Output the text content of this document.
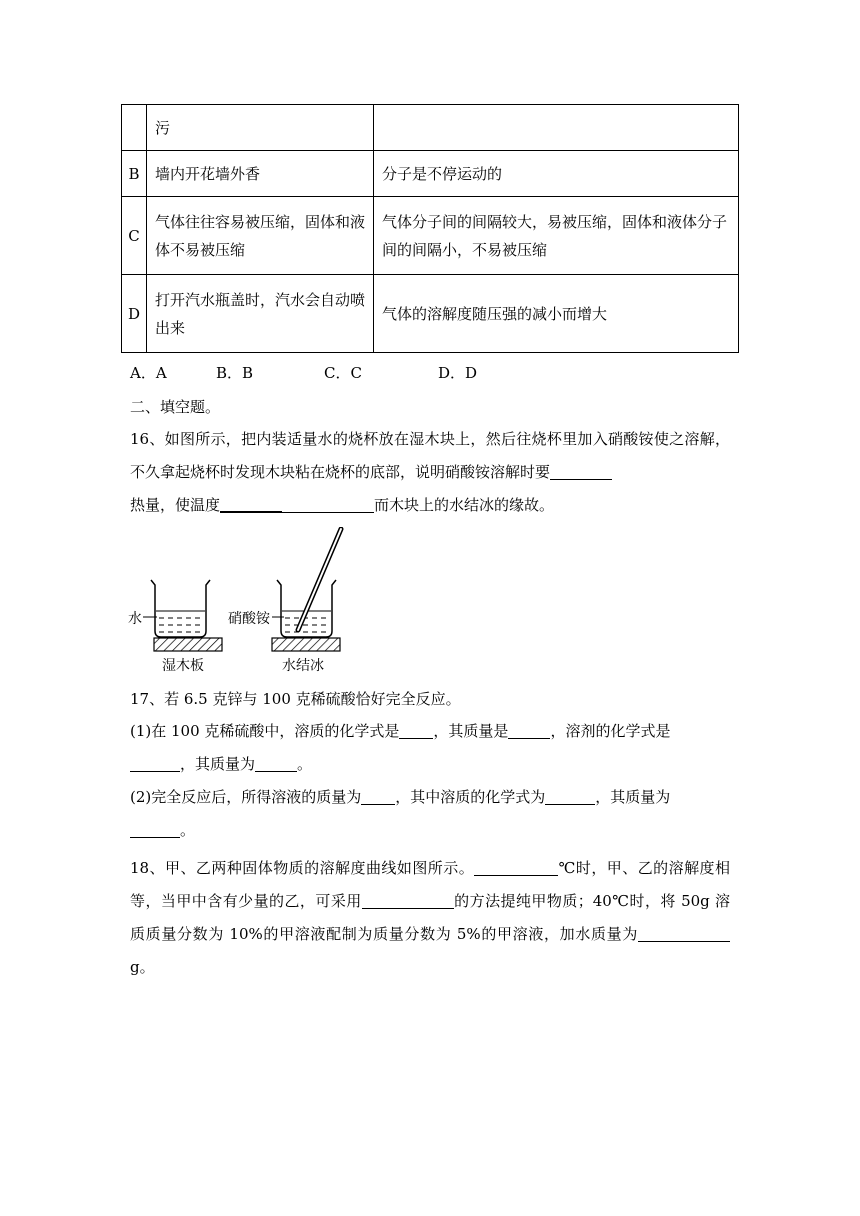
	污	
B	墙内开花墙外香	分子是不停运动的
C	气体往往容易被压缩，固体和液体不易被压缩	气体分子间的间隔较大，易被压缩，固体和液体分子间的间隔小，不易被压缩
D	打开汽水瓶盖时，汽水会自动喷出来	气体的溶解度随压强的减小而增大
A．A	B．B	C．C	D．D
二、填空题。
16、如图所示，把内装适量水的烧杯放在湿木块上，然后往烧杯里加入硝酸铵使之溶解，不久拿起烧杯时发现木块粘在烧杯的底部，说明硝酸铵溶解时要
热量，使温度	而木块上的水结冰的缘故。
水
湿木板
硝酸铵
水结冰
17、若 6.5 克锌与 100 克稀硫酸恰好完全反应。
(1)在 100 克稀硫酸中，溶质的化学式是 ，其质量是	，溶剂的化学式是
，其质量为	。
(2)完全反应后，所得溶液的质量为 ，其中溶质的化学式为	，其质量为
。
18、甲、乙两种固体物质的溶解度曲线如图所示。	℃时，甲、乙的溶解度相等，当甲中含有少量的乙，可采用	的方法提纯甲物质；40℃时，将 50g 溶质质量分数为 10%的甲溶液配制为质量分数为 5%的甲溶液，加水质量为g。
